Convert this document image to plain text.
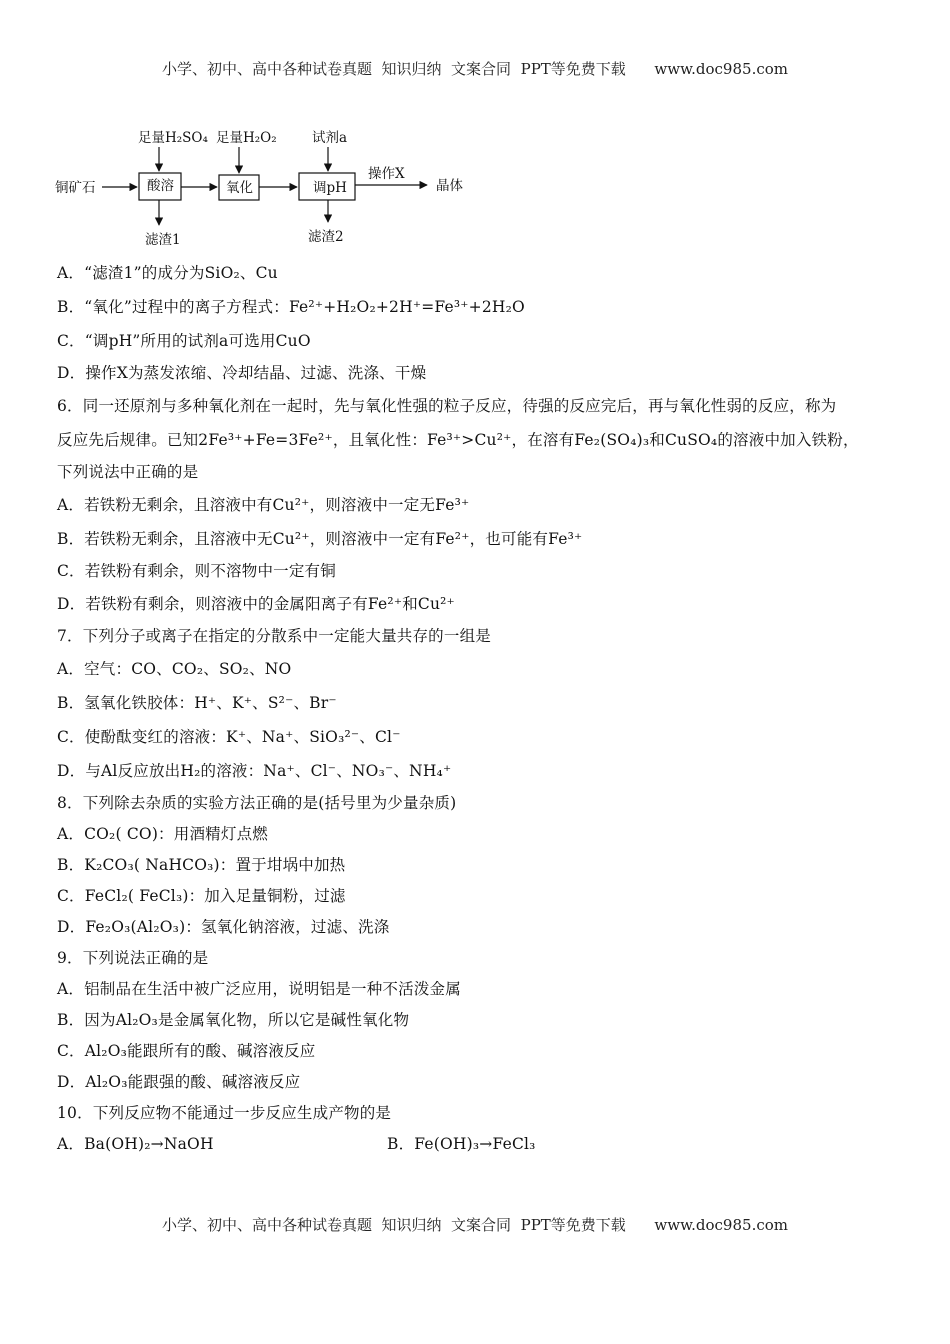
小学、初中、高中各种试卷真题  知识归纳  文案合同  PPT等免费下载      www.doc985.com
铜矿石
足量H₂SO₄ 足量H₂O₂	试剂a
酸溶	氧化	调pH
滤渣1	滤渣2
操作X
晶体
A．“滤渣1”的成分为SiO₂、Cu
B．“氧化”过程中的离子方程式：Fe²⁺+H₂O₂+2H⁺=Fe³⁺+2H₂O
C．“调pH”所用的试剂a可选用CuO
D．操作X为蒸发浓缩、冷却结晶、过滤、洗涤、干燥
6．同一还原剂与多种氧化剂在一起时，先与氧化性强的粒子反应，待强的反应完后，再与氧化性弱的反应，称为
反应先后规律。已知2Fe³⁺+Fe=3Fe²⁺，且氧化性：Fe³⁺>Cu²⁺，在溶有Fe₂(SO₄)₃和CuSO₄的溶液中加入铁粉，
下列说法中正确的是
A．若铁粉无剩余，且溶液中有Cu²⁺，则溶液中一定无Fe³⁺
B．若铁粉无剩余，且溶液中无Cu²⁺，则溶液中一定有Fe²⁺，也可能有Fe³⁺
C．若铁粉有剩余，则不溶物中一定有铜
D．若铁粉有剩余，则溶液中的金属阳离子有Fe²⁺和Cu²⁺
7．下列分子或离子在指定的分散系中一定能大量共存的一组是
A．空气：CO、CO₂、SO₂、NO
B．氢氧化铁胶体：H⁺、K⁺、S²⁻、Br⁻
C．使酚酞变红的溶液：K⁺、Na⁺、SiO₃²⁻、Cl⁻
D．与Al反应放出H₂的溶液：Na⁺、Cl⁻、NO₃⁻、NH₄⁺
8．下列除去杂质的实验方法正确的是(括号里为少量杂质)
A．CO₂( CO)：用酒精灯点燃
B．K₂CO₃( NaHCO₃)：置于坩埚中加热
C．FeCl₂( FeCl₃)：加入足量铜粉，过滤
D．Fe₂O₃(Al₂O₃)：氢氧化钠溶液，过滤、洗涤
9．下列说法正确的是
A．铝制品在生活中被广泛应用，说明铝是一种不活泼金属
B．因为Al₂O₃是金属氧化物，所以它是碱性氧化物
C．Al₂O₃能跟所有的酸、碱溶液反应
D．Al₂O₃能跟强的酸、碱溶液反应
10．下列反应物不能通过一步反应生成产物的是
A．Ba(OH)₂→NaOH	B．Fe(OH)₃→FeCl₃
小学、初中、高中各种试卷真题  知识归纳  文案合同  PPT等免费下载      www.doc985.com
